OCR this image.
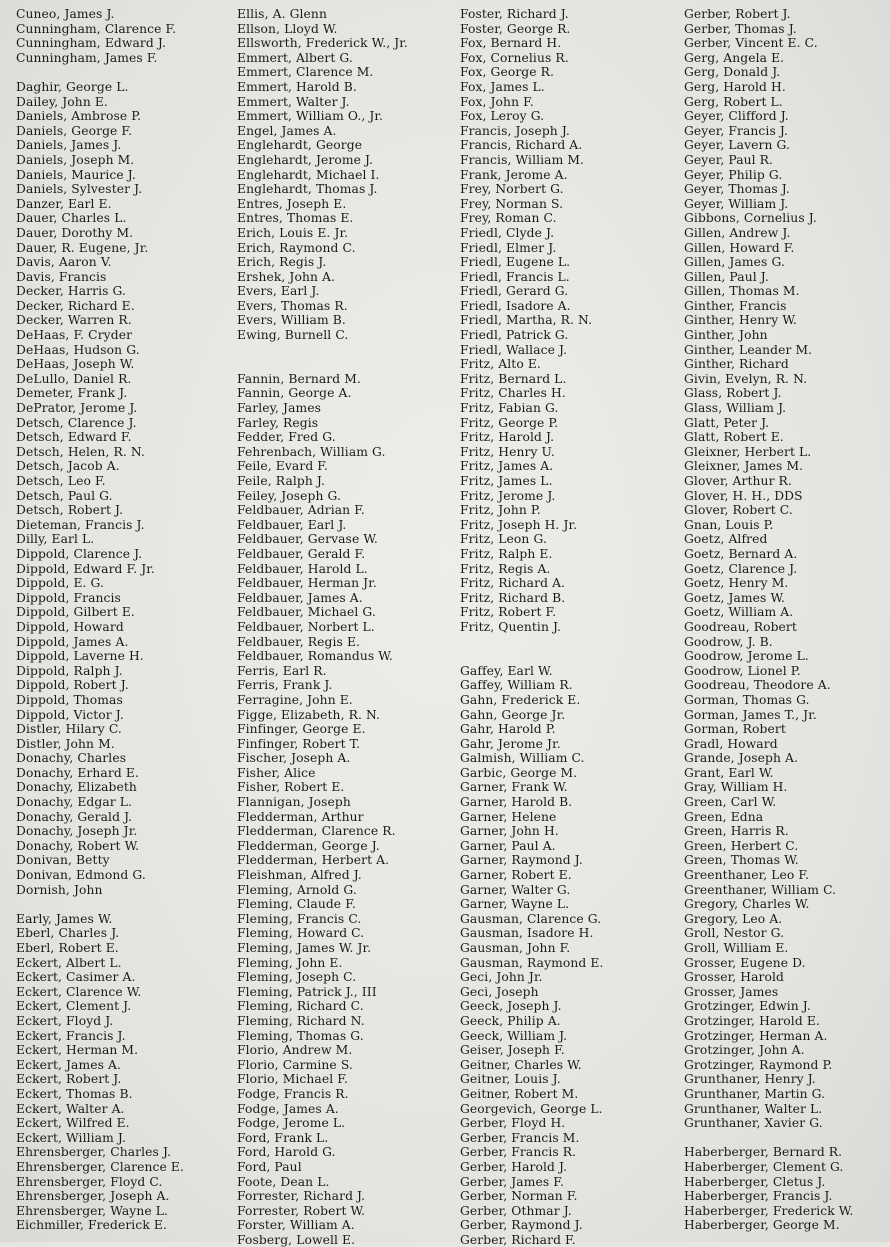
Cuneo, James J.
Cunningham, Clarence F.
Cunningham, Edward J.
Cunningham, James F.
Daghir, George L.
Dailey, John E.
Daniels, Ambrose P.
Daniels, George F.
Daniels, James J.
Daniels, Joseph M.
Daniels, Maurice J.
Daniels, Sylvester J.
Danzer, Earl E.
Dauer, Charles L.
Dauer, Dorothy M.
Dauer, R. Eugene, Jr.
Davis, Aaron V.
Davis, Francis
Decker, Harris G.
Decker, Richard E.
Decker, Warren R.
DeHaas, F. Cryder
DeHaas, Hudson G.
DeHaas, Joseph W.
DeLullo, Daniel R.
Demeter, Frank J.
DePrator, Jerome J.
Detsch, Clarence J.
Detsch, Edward F.
Detsch, Helen, R. N.
Detsch, Jacob A.
Detsch, Leo F.
Detsch, Paul G.
Detsch, Robert J.
Dieteman, Francis J.
Dilly, Earl L.
Dippold, Clarence J.
Dippold, Edward F. Jr.
Dippold, E. G.
Dippold, Francis
Dippold, Gilbert E.
Dippold, Howard
Dippold, James A.
Dippold, Laverne H.
Dippold, Ralph J.
Dippold, Robert J.
Dippold, Thomas
Dippold, Victor J.
Distler, Hilary C.
Distler, John M.
Donachy, Charles
Donachy, Erhard E.
Donachy, Elizabeth
Donachy, Edgar L.
Donachy, Gerald J.
Donachy, Joseph Jr.
Donachy, Robert W.
Donivan, Betty
Donivan, Edmond G.
Dornish, John
Early, James W.
Eberl, Charles J.
Eberl, Robert E.
Eckert, Albert L.
Eckert, Casimer A.
Eckert, Clarence W.
Eckert, Clement J.
Eckert, Floyd J.
Eckert, Francis J.
Eckert, Herman M.
Eckert, James A.
Eckert, Robert J.
Eckert, Thomas B.
Eckert, Walter A.
Eckert, Wilfred E.
Eckert, William J.
Ehrensberger, Charles J.
Ehrensberger, Clarence E.
Ehrensberger, Floyd C.
Ehrensberger, Joseph A.
Ehrensberger, Wayne L.
Eichmiller, Frederick E.
Ellis, A. Glenn
Ellson, Lloyd W.
Ellsworth, Frederick W., Jr.
Emmert, Albert G.
Emmert, Clarence M.
Emmert, Harold B.
Emmert, Walter J.
Emmert, William O., Jr.
Engel, James A.
Englehardt, George
Englehardt, Jerome J.
Englehardt, Michael I.
Englehardt, Thomas J.
Entres, Joseph E.
Entres, Thomas E.
Erich, Louis E. Jr.
Erich, Raymond C.
Erich, Regis J.
Ershek, John A.
Evers, Earl J.
Evers, Thomas R.
Evers, William B.
Ewing, Burnell C.
Fannin, Bernard M.
Fannin, George A.
Farley, James
Farley, Regis
Fedder, Fred G.
Fehrenbach, William G.
Feile, Evard F.
Feile, Ralph J.
Feiley, Joseph G.
Feldbauer, Adrian F.
Feldbauer, Earl J.
Feldbauer, Gervase W.
Feldbauer, Gerald F.
Feldbauer, Harold L.
Feldbauer, Herman Jr.
Feldbauer, James A.
Feldbauer, Michael G.
Feldbauer, Norbert L.
Feldbauer, Regis E.
Feldbauer, Romandus W.
Ferris, Earl R.
Ferris, Frank J.
Ferragine, John E.
Figge, Elizabeth, R. N.
Finfinger, George E.
Finfinger, Robert T.
Fischer, Joseph A.
Fisher, Alice
Fisher, Robert E.
Flannigan, Joseph
Fledderman, Arthur
Fledderman, Clarence R.
Fledderman, George J.
Fledderman, Herbert A.
Fleishman, Alfred J.
Fleming, Arnold G.
Fleming, Claude F.
Fleming, Francis C.
Fleming, Howard C.
Fleming, James W. Jr.
Fleming, John E.
Fleming, Joseph C.
Fleming, Patrick J., III
Fleming, Richard C.
Fleming, Richard N.
Fleming, Thomas G.
Florio, Andrew M.
Florio, Carmine S.
Florio, Michael F.
Fodge, Francis R.
Fodge, James A.
Fodge, Jerome L.
Ford, Frank L.
Ford, Harold G.
Ford, Paul
Foote, Dean L.
Forrester, Richard J.
Forrester, Robert W.
Forster, William A.
Fosberg, Lowell E.
Foster, Richard J.
Foster, George R.
Fox, Bernard H.
Fox, Cornelius R.
Fox, George R.
Fox, James L.
Fox, John F.
Fox, Leroy G.
Francis, Joseph J.
Francis, Richard A.
Francis, William M.
Frank, Jerome A.
Frey, Norbert G.
Frey, Norman S.
Frey, Roman C.
Friedl, Clyde J.
Friedl, Elmer J.
Friedl, Eugene L.
Friedl, Francis L.
Friedl, Gerard G.
Friedl, Isadore A.
Friedl, Martha, R. N.
Friedl, Patrick G.
Friedl, Wallace J.
Fritz, Alto E.
Fritz, Bernard L.
Fritz, Charles H.
Fritz, Fabian G.
Fritz, George P.
Fritz, Harold J.
Fritz, Henry U.
Fritz, James A.
Fritz, James L.
Fritz, Jerome J.
Fritz, John P.
Fritz, Joseph H. Jr.
Fritz, Leon G.
Fritz, Ralph E.
Fritz, Regis A.
Fritz, Richard A.
Fritz, Richard B.
Fritz, Robert F.
Fritz, Quentin J.
Gaffey, Earl W.
Gaffey, William R.
Gahn, Frederick E.
Gahn, George Jr.
Gahr, Harold P.
Gahr, Jerome Jr.
Galmish, William C.
Garbic, George M.
Garner, Frank W.
Garner, Harold B.
Garner, Helene
Garner, John H.
Garner, Paul A.
Garner, Raymond J.
Garner, Robert E.
Garner, Walter G.
Garner, Wayne L.
Gausman, Clarence G.
Gausman, Isadore H.
Gausman, John F.
Gausman, Raymond E.
Geci, John Jr.
Geci, Joseph
Geeck, Joseph J.
Geeck, Philip A.
Geeck, William J.
Geiser, Joseph F.
Geitner, Charles W.
Geitner, Louis J.
Geitner, Robert M.
Georgevich, George L.
Gerber, Floyd H.
Gerber, Francis M.
Gerber, Francis R.
Gerber, Harold J.
Gerber, James F.
Gerber, Norman F.
Gerber, Othmar J.
Gerber, Raymond J.
Gerber, Richard F.
Gerber, Robert J.
Gerber, Thomas J.
Gerber, Vincent E. C.
Gerg, Angela E.
Gerg, Donald J.
Gerg, Harold H.
Gerg, Robert L.
Geyer, Clifford J.
Geyer, Francis J.
Geyer, Lavern G.
Geyer, Paul R.
Geyer, Philip G.
Geyer, Thomas J.
Geyer, William J.
Gibbons, Cornelius J.
Gillen, Andrew J.
Gillen, Howard F.
Gillen, James G.
Gillen, Paul J.
Gillen, Thomas M.
Ginther, Francis
Ginther, Henry W.
Ginther, John
Ginther, Leander M.
Ginther, Richard
Givin, Evelyn, R. N.
Glass, Robert J.
Glass, William J.
Glatt, Peter J.
Glatt, Robert E.
Gleixner, Herbert L.
Gleixner, James M.
Glover, Arthur R.
Glover, H. H., DDS
Glover, Robert C.
Gnan, Louis P.
Goetz, Alfred
Goetz, Bernard A.
Goetz, Clarence J.
Goetz, Henry M.
Goetz, James W.
Goetz, William A.
Goodreau, Robert
Goodrow, J. B.
Goodrow, Jerome L.
Goodrow, Lionel P.
Goodreau, Theodore A.
Gorman, Thomas G.
Gorman, James T., Jr.
Gorman, Robert
Gradl, Howard
Grande, Joseph A.
Grant, Earl W.
Gray, William H.
Green, Carl W.
Green, Edna
Green, Harris R.
Green, Herbert C.
Green, Thomas W.
Greenthaner, Leo F.
Greenthaner, William C.
Gregory, Charles W.
Gregory, Leo A.
Groll, Nestor G.
Groll, William E.
Grosser, Eugene D.
Grosser, Harold
Grosser, James
Grotzinger, Edwin J.
Grotzinger, Harold E.
Grotzinger, Herman A.
Grotzinger, John A.
Grotzinger, Raymond P.
Grunthaner, Henry J.
Grunthaner, Martin G.
Grunthaner, Walter L.
Grunthaner, Xavier G.
Haberberger, Bernard R.
Haberberger, Clement G.
Haberberger, Cletus J.
Haberberger, Francis J.
Haberberger, Frederick W.
Haberberger, George M.
